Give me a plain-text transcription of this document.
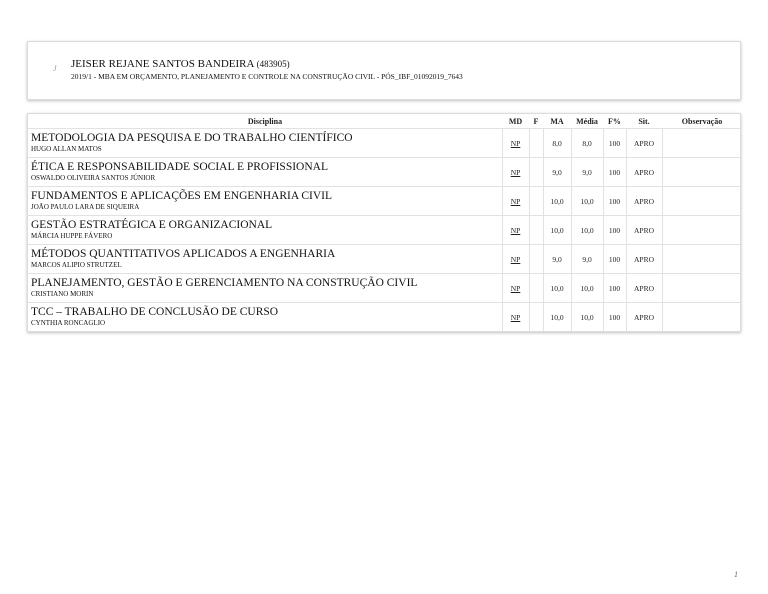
J JEISER REJANE SANTOS BANDEIRA (483905)
2019/1 - MBA EM ORÇAMENTO, PLANEJAMENTO E CONTROLE NA CONSTRUÇÃO CIVIL - PÓS_IBF_01092019_7643
Disciplina	MD	F	MA	Média	F%	Sit.	Observação

METODOLOGIA DA PESQUISA E DO TRABALHO CIENTÍFICO
HUGO ALLAN MATOS	NP		8,0	8,0	100	APRO	

ÉTICA E RESPONSABILIDADE SOCIAL E PROFISSIONAL
OSWALDO OLIVEIRA SANTOS JÚNIOR	NP		9,0	9,0	100	APRO	

FUNDAMENTOS E APLICAÇÕES EM ENGENHARIA CIVIL
JOÃO PAULO LARA DE SIQUEIRA	NP		10,0	10,0	100	APRO	

GESTÃO ESTRATÉGICA E ORGANIZACIONAL
MÁRCIA HUPPE FÁVERO	NP		10,0	10,0	100	APRO	

MÉTODOS QUANTITATIVOS APLICADOS A ENGENHARIA
MARCOS ALIPIO STRUTZEL	NP		9,0	9,0	100	APRO	

PLANEJAMENTO, GESTÃO E GERENCIAMENTO NA CONSTRUÇÃO CIVIL
CRISTIANO MORIN	NP		10,0	10,0	100	APRO	

TCC – TRABALHO DE CONCLUSÃO DE CURSO
CYNTHIA RONCAGLIO	NP		10,0	10,0	100	APRO	
1
